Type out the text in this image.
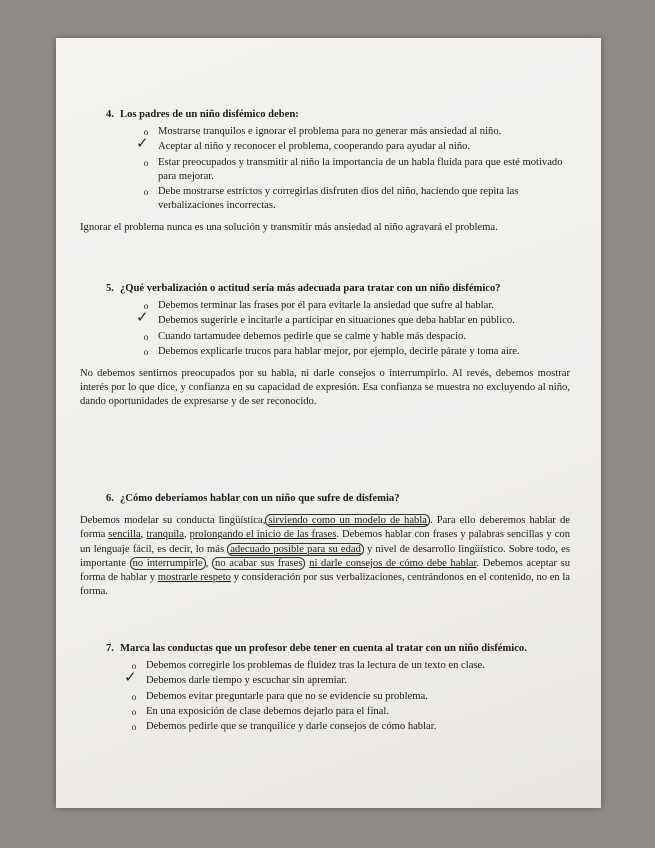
4. Los padres de un niño disfémico deben:
o Mostrarse tranquilos e ignorar el problema para no generar más ansiedad al niño.
✓ Aceptar al niño y reconocer el problema, cooperando para ayudar al niño.
o Estar preocupados y transmitir al niño la importancia de un habla fluida para que esté motivado para mejorar.
o Debe mostrarse estrictos y corregirlas disfruten dios del niño, haciendo que repita las verbalizaciones incorrectas.
Ignorar el problema nunca es una solución y transmitir más ansiedad al niño agravará el problema.
5. ¿Qué verbalización o actitud sería más adecuada para tratar con un niño disfémico?
o Debemos terminar las frases por él para evitarle la ansiedad que sufre al hablar.
✓ Debemos sugerirle e incitarle a participar en situaciones que deba hablar en público.
o Cuando tartamudee debemos pedirle que se calme y hable más despacio.
o Debemos explicarle trucos para hablar mejor, por ejemplo, decirle párate y toma aire.
No debemos sentirnos preocupados por su habla, ni darle consejos o interrumpirlo. Al revés, debemos mostrar interés por lo que dice, y confianza en su capacidad de expresión. Esa confianza se muestra no excluyendo al niño, dando oportunidades de expresarse y de ser reconocido.
6. ¿Cómo deberíamos hablar con un niño que sufre de disfemia?
Debemos modelar su conducta lingüística, sirviendo como un modelo de habla . Para ello deberemos hablar de forma sencilla, tranquila, prolongando el inicio de las frases. Debemos hablar con frases y palabras sencillas y con un lenguaje fácil, es decir, lo más adecuado posible para su edad y nivel de desarrollo lingüístico. Sobre todo, es importante no interrumpirle , no acabar sus frases ni darle consejos de cómo debe hablar. Debemos aceptar su forma de hablar y mostrarle respeto y consideración por sus verbalizaciones, centrándonos en el contenido, no en la forma.
7. Marca las conductas que un profesor debe tener en cuenta al tratar con un niño disfémico.
o Debemos corregirle los problemas de fluidez tras la lectura de un texto en clase.
✓ Debemos darle tiempo y escuchar sin apremiar.
o Debemos evitar preguntarle para que no se evidencie su problema.
o En una exposición de clase debemos dejarlo para el final.
o Debemos pedirle que se tranquilice y darle consejos de cómo hablar.
